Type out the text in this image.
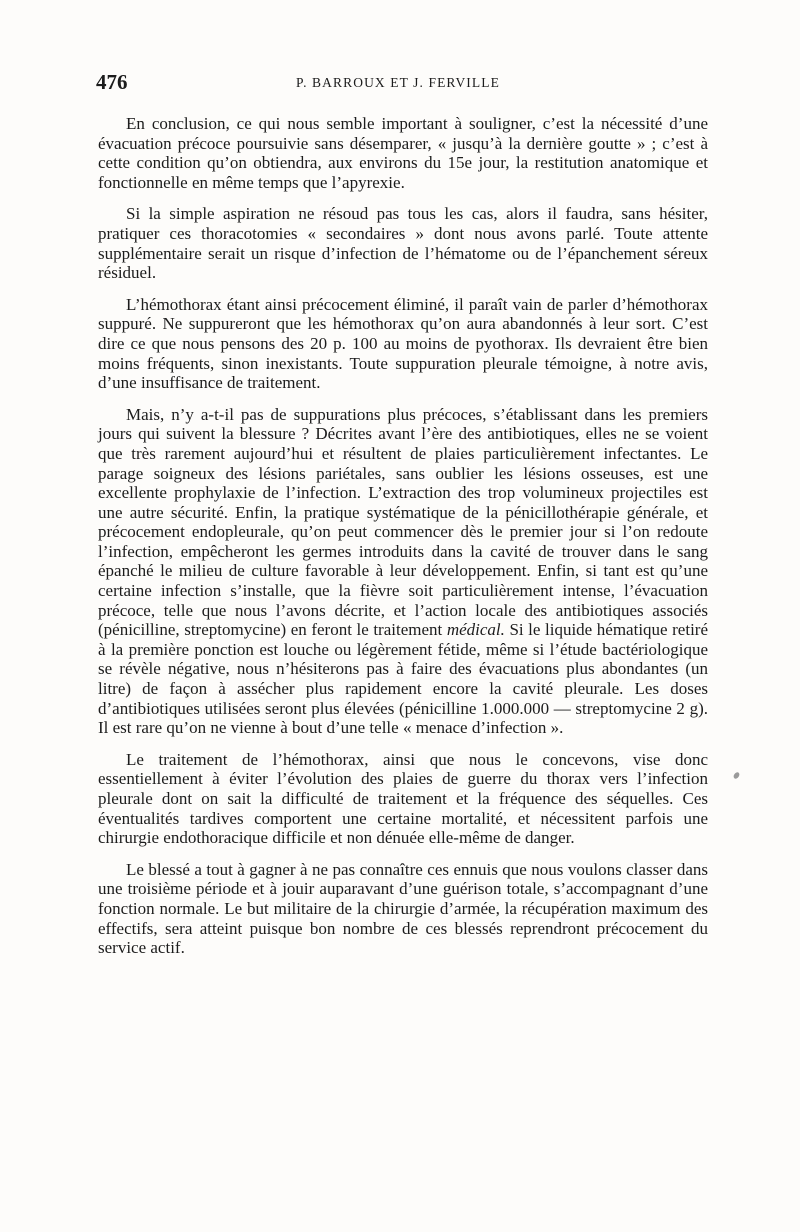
476	P. BARROUX ET J. FERVILLE

En conclusion, ce qui nous semble important à souligner, c’est la nécessité d’une évacuation précoce poursuivie sans désemparer, « jusqu’à la dernière goutte » ; c’est à cette condition qu’on obtiendra, aux environs du 15e jour, la restitution anatomique et fonctionnelle en même temps que l’apyrexie.

Si la simple aspiration ne résoud pas tous les cas, alors il faudra, sans hésiter, pratiquer ces thoracotomies « secondaires » dont nous avons parlé. Toute attente supplémentaire serait un risque d’infection de l’hématome ou de l’épanchement séreux résiduel.

L’hémothorax étant ainsi précocement éliminé, il paraît vain de parler d’hémothorax suppuré. Ne suppureront que les hémothorax qu’on aura abandonnés à leur sort. C’est dire ce que nous pensons des 20 p. 100 au moins de pyothorax. Ils devraient être bien moins fréquents, sinon inexistants. Toute suppuration pleurale témoigne, à notre avis, d’une insuffisance de traitement.

Mais, n’y a-t-il pas de suppurations plus précoces, s’établissant dans les premiers jours qui suivent la blessure ? Décrites avant l’ère des antibiotiques, elles ne se voient que très rarement aujourd’hui et résultent de plaies particulièrement infectantes. Le parage soigneux des lésions pariétales, sans oublier les lésions osseuses, est une excellente prophylaxie de l’infection. L’extraction des trop volumineux projectiles est une autre sécurité. Enfin, la pratique systématique de la pénicillothérapie générale, et précocement endopleurale, qu’on peut commencer dès le premier jour si l’on redoute l’infection, empêcheront les germes introduits dans la cavité de trouver dans le sang épanché le milieu de culture favorable à leur développement. Enfin, si tant est qu’une certaine infection s’installe, que la fièvre soit particulièrement intense, l’évacuation précoce, telle que nous l’avons décrite, et l’action locale des antibiotiques associés (pénicilline, streptomycine) en feront le traitement médical. Si le liquide hématique retiré à la première ponction est louche ou légèrement fétide, même si l’étude bactériologique se révèle négative, nous n’hésiterons pas à faire des évacuations plus abondantes (un litre) de façon à assécher plus rapidement encore la cavité pleurale. Les doses d’antibiotiques utilisées seront plus élevées (pénicilline 1.000.000 — streptomycine 2 g). Il est rare qu’on ne vienne à bout d’une telle « menace d’infection ».

Le traitement de l’hémothorax, ainsi que nous le concevons, vise donc essentiellement à éviter l’évolution des plaies de guerre du thorax vers l’infection pleurale dont on sait la difficulté de traitement et la fréquence des séquelles. Ces éventualités tardives comportent une certaine mortalité, et nécessitent parfois une chirurgie endothoracique difficile et non dénuée elle-même de danger.

Le blessé a tout à gagner à ne pas connaître ces ennuis que nous voulons classer dans une troisième période et à jouir auparavant d’une guérison totale, s’accompagnant d’une fonction normale. Le but militaire de la chirurgie d’armée, la récupération maximum des effectifs, sera atteint puisque bon nombre de ces blessés reprendront précocement du service actif.
